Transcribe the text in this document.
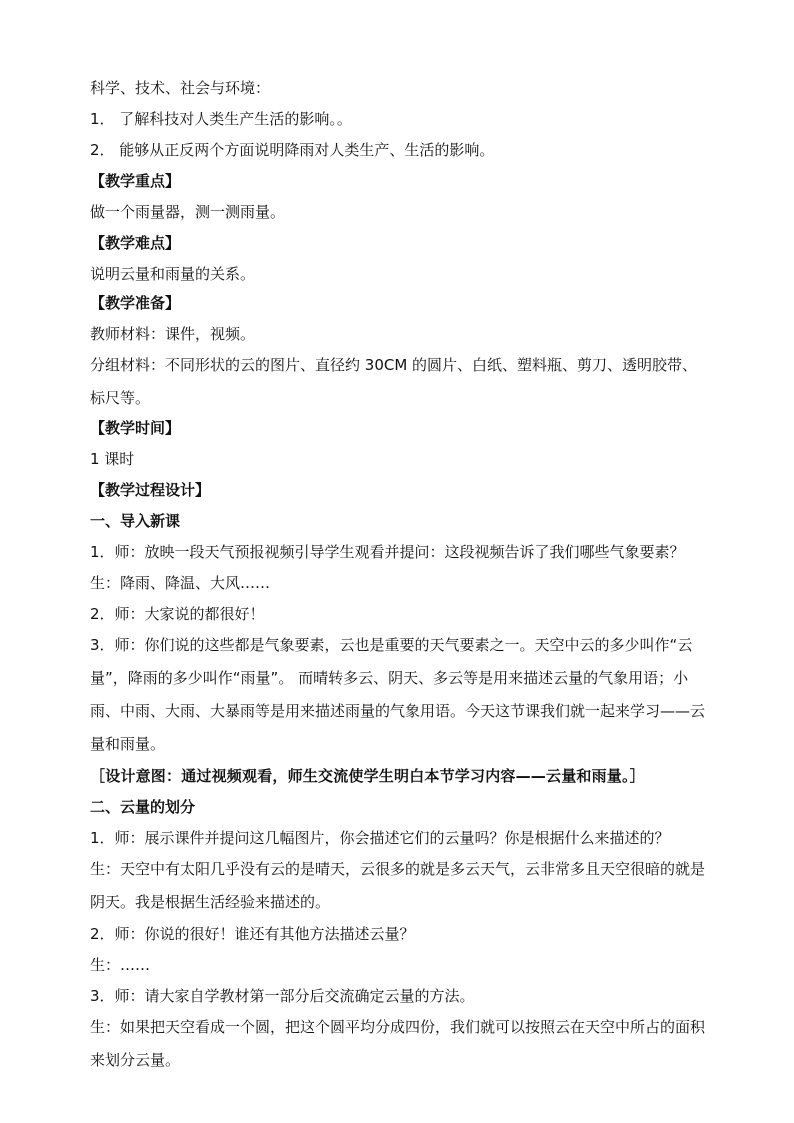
科学、技术、社会与环境：
1． 了解科技对人类生产生活的影响。。
2． 能够从正反两个方面说明降雨对人类生产、生活的影响。
【教学重点】
做一个雨量器，测一测雨量。
【教学难点】
说明云量和雨量的关系。
【教学准备】
教师材料：课件，视频。
分组材料：不同形状的云的图片、直径约 30CM 的圆片、白纸、塑料瓶、剪刀、透明胶带、标尺等。
【教学时间】
1 课时
【教学过程设计】
一、导入新课
1．师：放映一段天气预报视频引导学生观看并提问：这段视频告诉了我们哪些气象要素？
生：降雨、降温、大风……
2．师：大家说的都很好！
3．师：你们说的这些都是气象要素，云也是重要的天气要素之一。天空中云的多少叫作“云量”，降雨的多少叫作“雨量”。 而晴转多云、阴天、多云等是用来描述云量的气象用语；小雨、中雨、大雨、大暴雨等是用来描述雨量的气象用语。今天这节课我们就一起来学习——云量和雨量。
［设计意图：通过视频观看，师生交流使学生明白本节学习内容——云量和雨量。］
二、云量的划分
1．师：展示课件并提问这几幅图片，你会描述它们的云量吗？你是根据什么来描述的？
生：天空中有太阳几乎没有云的是晴天，云很多的就是多云天气，云非常多且天空很暗的就是阴天。我是根据生活经验来描述的。
2．师：你说的很好！谁还有其他方法描述云量？
生：……
3．师：请大家自学教材第一部分后交流确定云量的方法。
生：如果把天空看成一个圆，把这个圆平均分成四份，我们就可以按照云在天空中所占的面积来划分云量。
